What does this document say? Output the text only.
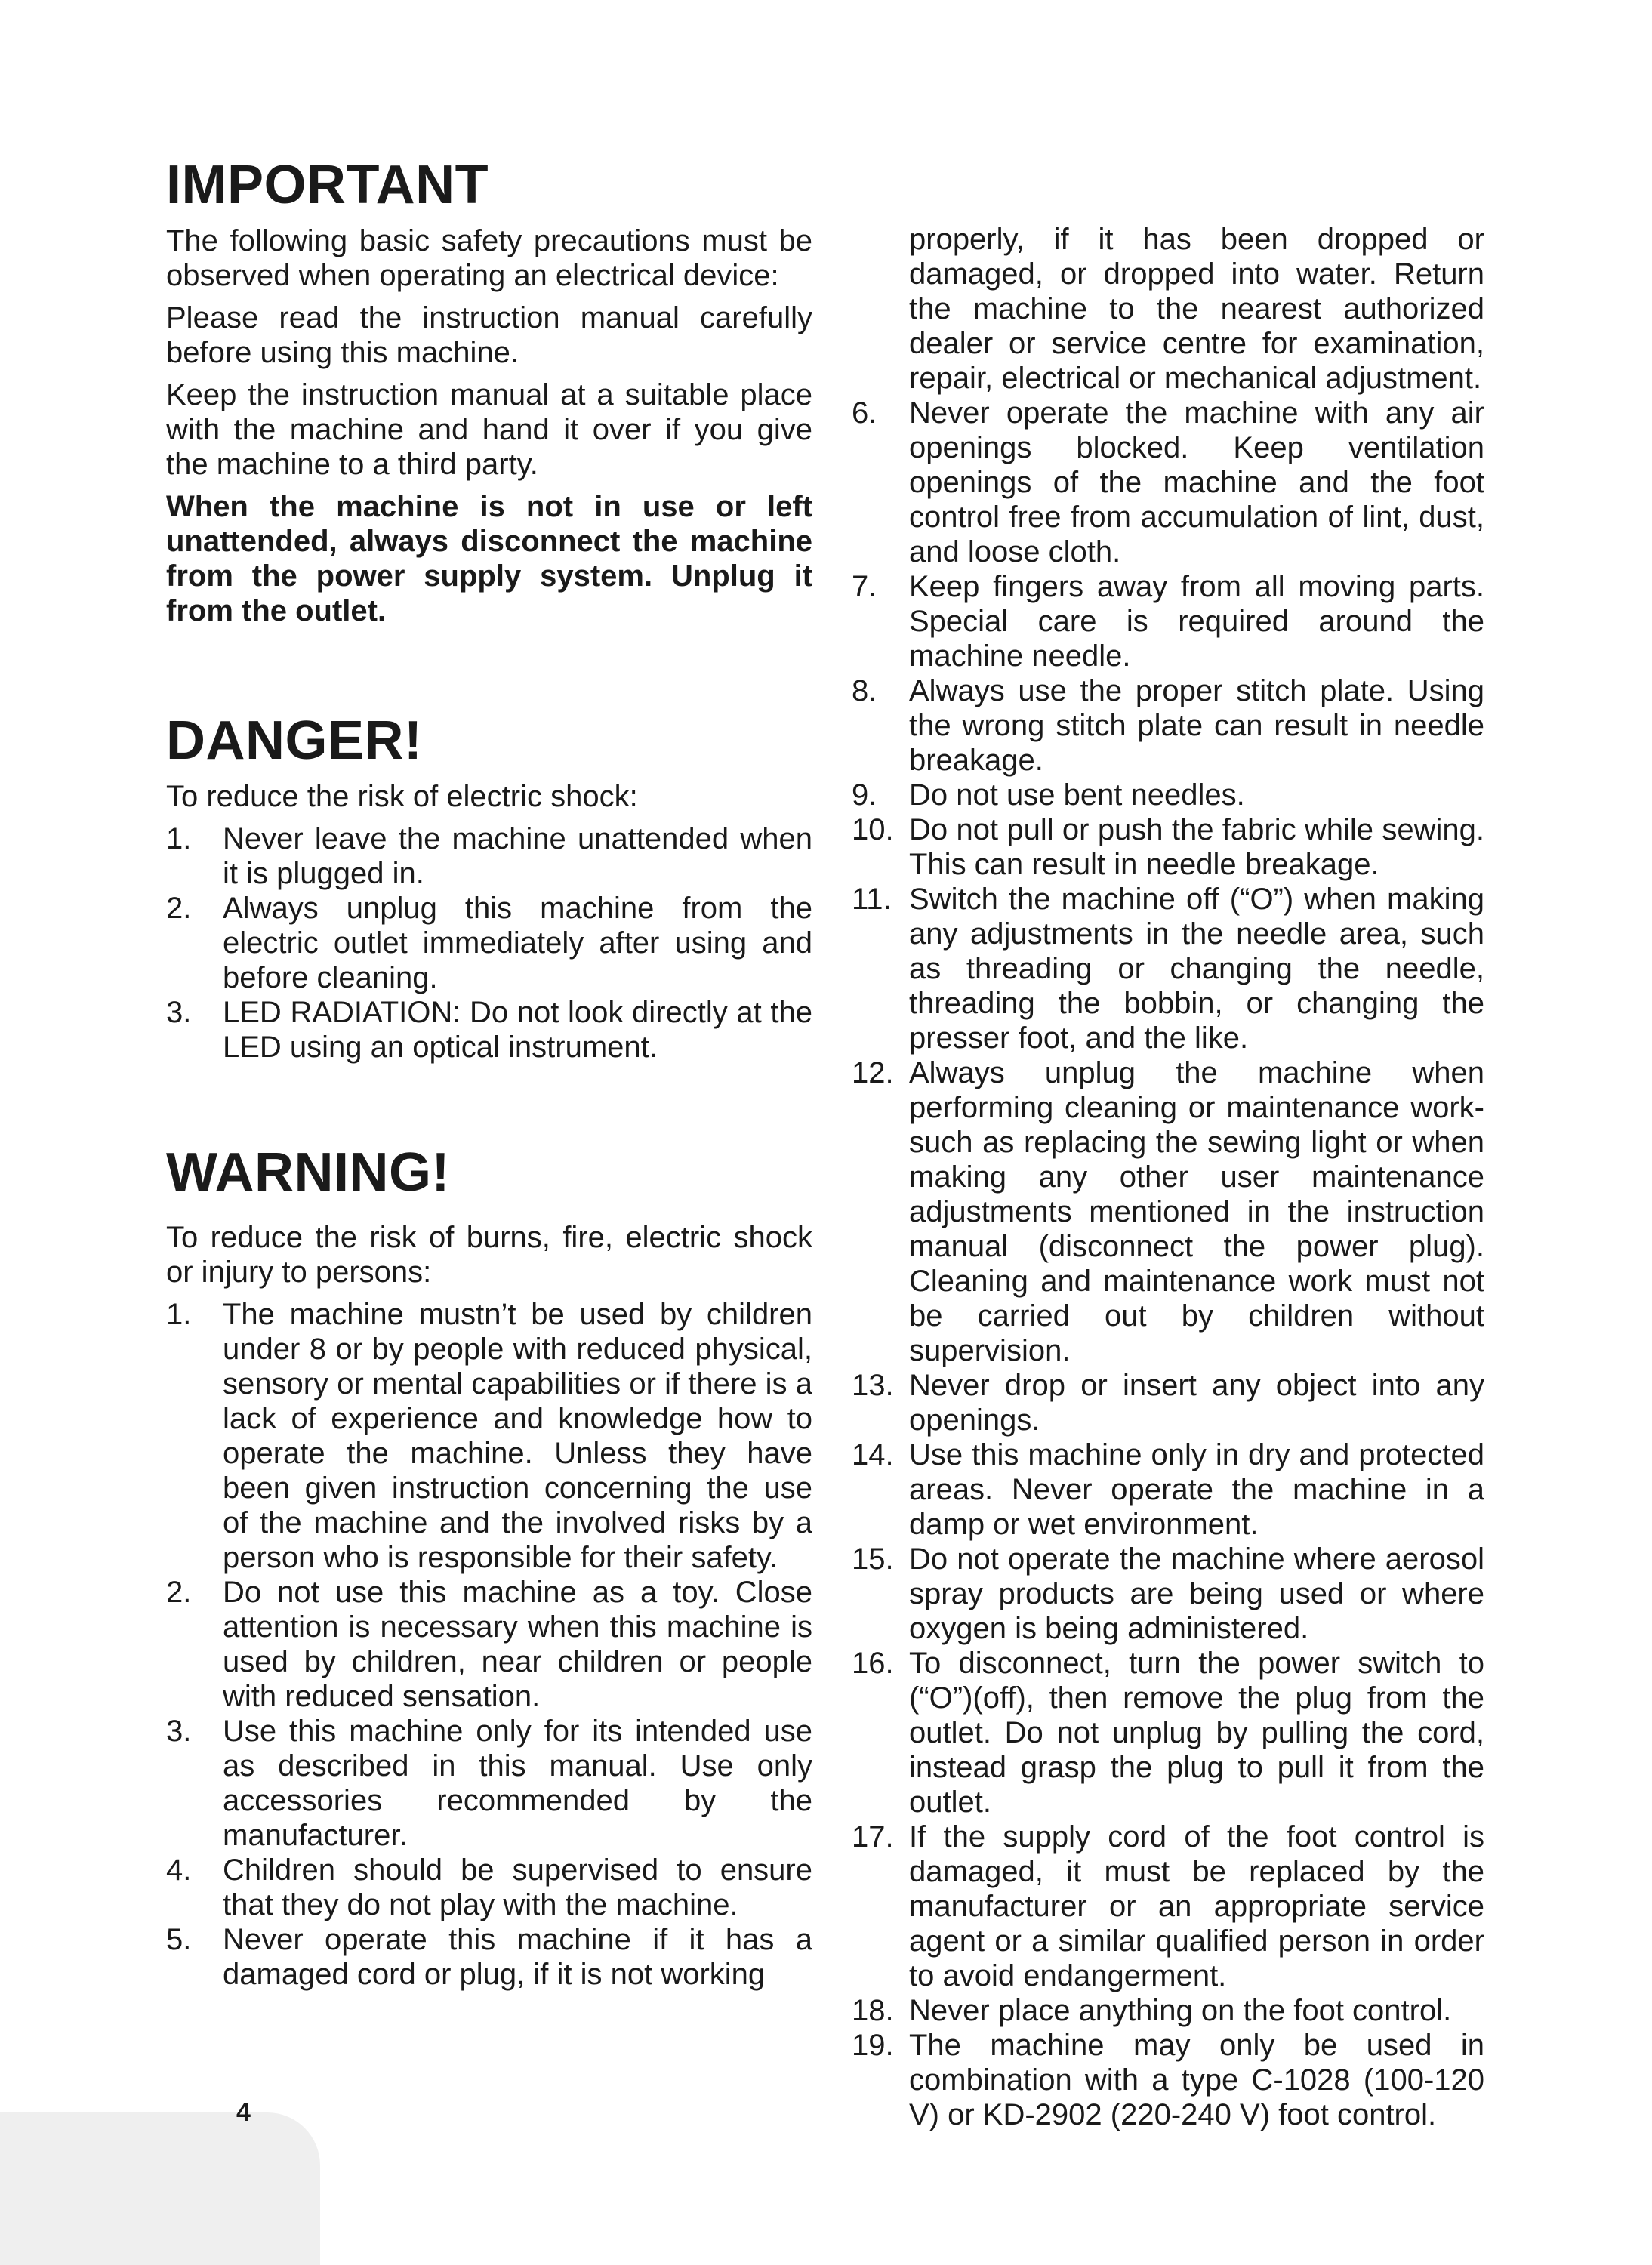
IMPORTANT

The following basic safety precautions must be observed when operating an electrical device:

Please read the instruction manual carefully before using this machine.

Keep the instruction manual at a suitable place with the machine and hand it over if you give the machine to a third party.

When the machine is not in use or left unattended, always disconnect the machine from the power supply system. Unplug it from the outlet.

DANGER!

To reduce the risk of electric shock:

1. Never leave the machine unattended when it is plugged in.
2. Always unplug this machine from the electric outlet immediately after using and before cleaning.
3. LED RADIATION: Do not look directly at the LED using an optical instrument.
WARNING!

To reduce the risk of burns, fire, electric shock or injury to persons:

1. The machine mustn’t be used by children under 8 or by people with reduced physical, sensory or mental capabilities or if there is a lack of experience and knowledge how to operate the machine. Unless they have been given instruction concerning the use of the machine and the involved risks by a person who is responsible for their safety.
2. Do not use this machine as a toy. Close attention is necessary when this machine is used by children, near children or people with reduced sensation.
3. Use this machine only for its intended use as described in this manual. Use only accessories recommended by the manufacturer.
4. Children should be supervised to ensure that they do not play with the machine.
5. Never operate this machine if it has a damaged cord or plug, if it is not working
properly, if it has been dropped or damaged, or dropped into water. Return the machine to the nearest authorized dealer or service centre for examination, repair, electrical or mechanical adjustment.
6. Never operate the machine with any air openings blocked. Keep ventilation openings of the machine and the foot control free from accumulation of lint, dust, and loose cloth.
7. Keep fingers away from all moving parts. Special care is required around the machine needle.
8. Always use the proper stitch plate. Using the wrong stitch plate can result in needle breakage.
9. Do not use bent needles.
10. Do not pull or push the fabric while sewing. This can result in needle breakage.
11. Switch the machine off (“O”) when making any adjustments in the needle area, such as threading or changing the needle, threading the bobbin, or changing the presser foot, and the like.
12. Always unplug the machine when performing cleaning or maintenance work- such as replacing the sewing light or when making any other user maintenance adjustments mentioned in the instruction manual (disconnect the power plug). Cleaning and maintenance work must not be carried out by children without supervision.
13. Never drop or insert any object into any openings.
14. Use this machine only in dry and protected areas. Never operate the machine in a damp or wet environment.
15. Do not operate the machine where aerosol spray products are being used or where oxygen is being administered.
16. To disconnect, turn the power switch to (“O”)(off), then remove the plug from the outlet. Do not unplug by pulling the cord, instead grasp the plug to pull it from the outlet.
17. If the supply cord of the foot control is damaged, it must be replaced by the manufacturer or an appropriate service agent or a similar qualified person in order to avoid endangerment.
18. Never place anything on the foot control.
19. The machine may only be used in combination with a type C-1028 (100-120 V) or KD-2902 (220-240 V) foot control.
4
